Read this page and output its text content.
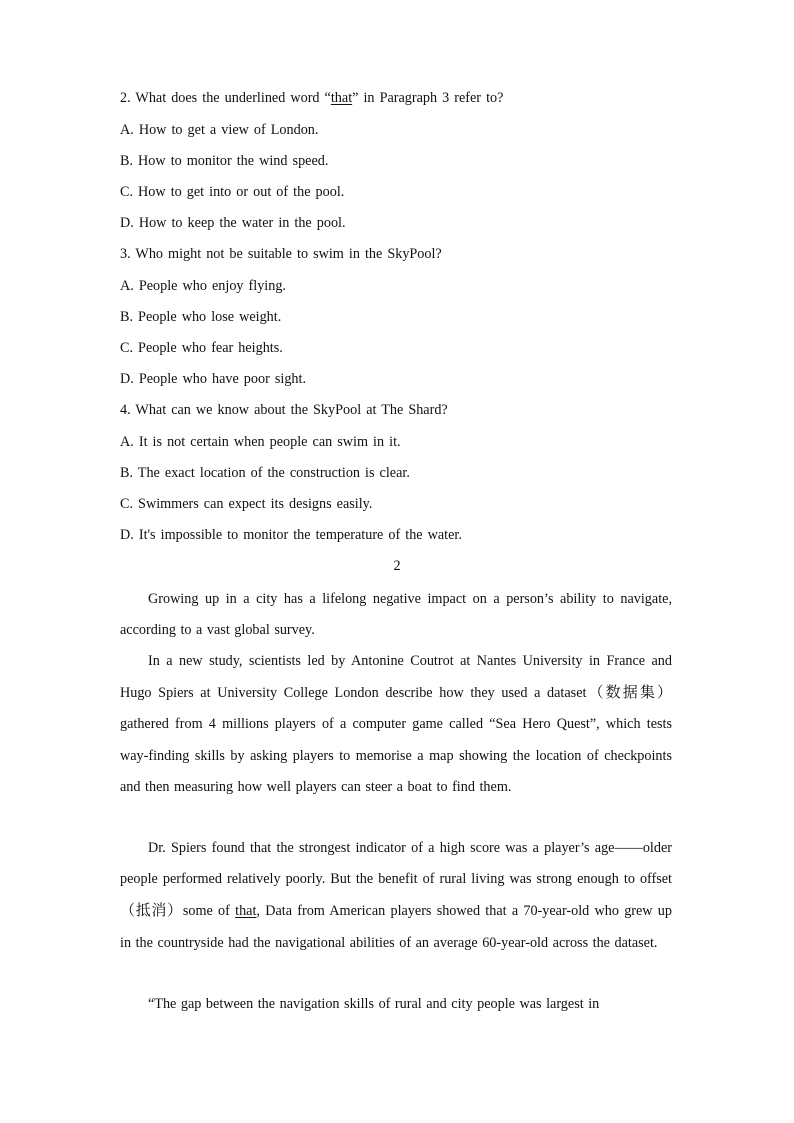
2. What does the underlined word “that” in Paragraph 3 refer to?
A. How to get a view of London.
B. How to monitor the wind speed.
C. How to get into or out of the pool.
D. How to keep the water in the pool.
3. Who might not be suitable to swim in the SkyPool?
A. People who enjoy flying.
B. People who lose weight.
C. People who fear heights.
D. People who have poor sight.
4. What can we know about the SkyPool at The Shard?
A. It is not certain when people can swim in it.
B. The exact location of the construction is clear.
C. Swimmers can expect its designs easily.
D. It's impossible to monitor the temperature of the water.
2
Growing up in a city has a lifelong negative impact on a person’s ability to navigate, according to a vast global survey.
In a new study, scientists led by Antonine Coutrot at Nantes University in France and Hugo Spiers at University College London describe how they used a dataset（数据集）gathered from 4 millions players of a computer game called “Sea Hero Quest”, which tests way-finding skills by asking players to memorise a map showing the location of checkpoints and then measuring how well players can steer a boat to find them.
Dr. Spiers found that the strongest indicator of a high score was a player’s age——older people performed relatively poorly. But the benefit of rural living was strong enough to offset（抵消）some of that, Data from American players showed that a 70-year-old who grew up in the countryside had the navigational abilities of an average 60-year-old across the dataset.
“The gap between the navigation skills of rural and city people was largest in
